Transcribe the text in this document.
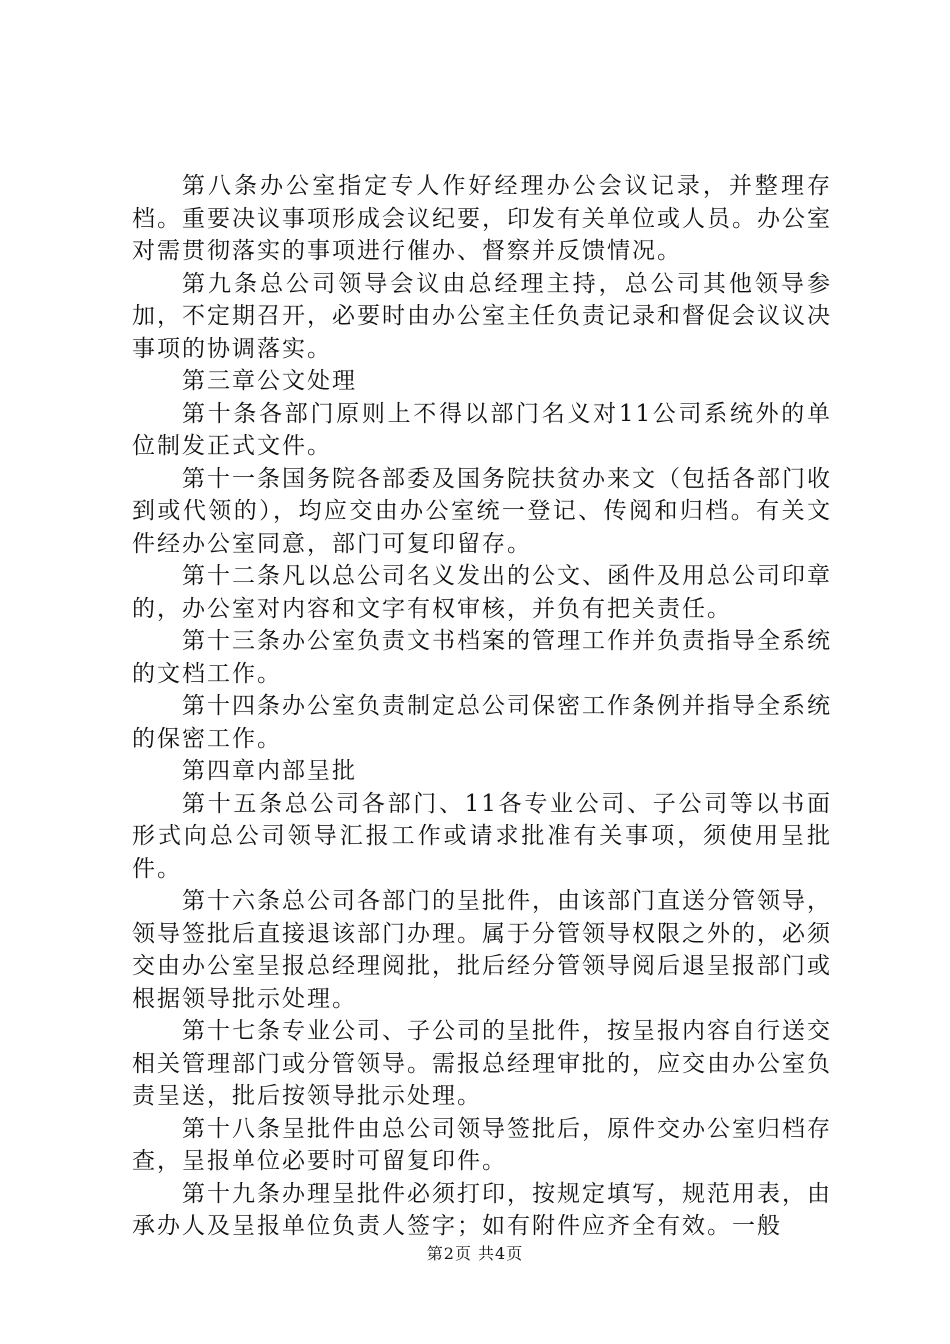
第八条办公室指定专人作好经理办公会议记录，并整理存档。重要决议事项形成会议纪要，印发有关单位或人员。办公室对需贯彻落实的事项进行催办、督察并反馈情况。

第九条总公司领导会议由总经理主持，总公司其他领导参加，不定期召开，必要时由办公室主任负责记录和督促会议议决事项的协调落实。

第三章公文处理

第十条各部门原则上不得以部门名义对11公司系统外的单位制发正式文件。

第十一条国务院各部委及国务院扶贫办来文（包括各部门收到或代领的），均应交由办公室统一登记、传阅和归档。有关文件经办公室同意，部门可复印留存。

第十二条凡以总公司名义发出的公文、函件及用总公司印章的，办公室对内容和文字有权审核，并负有把关责任。

第十三条办公室负责文书档案的管理工作并负责指导全系统的文档工作。

第十四条办公室负责制定总公司保密工作条例并指导全系统的保密工作。

第四章内部呈批

第十五条总公司各部门、11各专业公司、子公司等以书面形式向总公司领导汇报工作或请求批准有关事项，须使用呈批件。

第十六条总公司各部门的呈批件，由该部门直送分管领导，领导签批后直接退该部门办理。属于分管领导权限之外的，必须交由办公室呈报总经理阅批，批后经分管领导阅后退呈报部门或根据领导批示处理。

第十七条专业公司、子公司的呈批件，按呈报内容自行送交相关管理部门或分管领导。需报总经理审批的，应交由办公室负责呈送，批后按领导批示处理。

第十八条呈批件由总公司领导签批后，原件交办公室归档存查，呈报单位必要时可留复印件。

第十九条办理呈批件必须打印，按规定填写，规范用表，由承办人及呈报单位负责人签字；如有附件应齐全有效。一般

第2页 共4页
